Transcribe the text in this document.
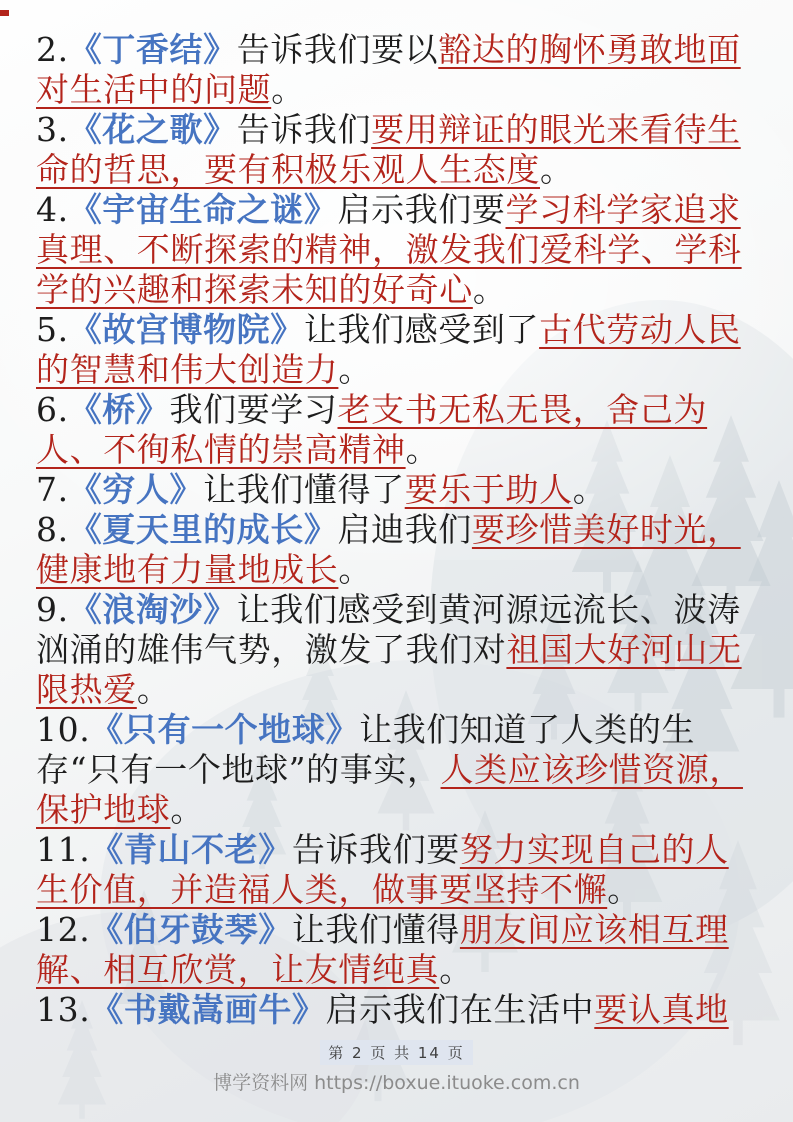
2.《丁香结》告诉我们要以豁达的胸怀勇敢地面对生活中的问题。
3.《花之歌》告诉我们要用辩证的眼光来看待生命的哲思，要有积极乐观人生态度。
4.《宇宙生命之谜》启示我们要学习科学家追求真理、不断探索的精神，激发我们爱科学、学科学的兴趣和探索未知的好奇心。
5.《故宫博物院》让我们感受到了古代劳动人民的智慧和伟大创造力。
6.《桥》我们要学习老支书无私无畏，舍己为人、不徇私情的崇高精神。
7.《穷人》让我们懂得了要乐于助人。
8.《夏天里的成长》启迪我们要珍惜美好时光，健康地有力量地成长。
9.《浪淘沙》让我们感受到黄河源远流长、波涛汹涌的雄伟气势，激发了我们对祖国大好河山无限热爱。
10.《只有一个地球》让我们知道了人类的生存“只有一个地球”的事实，人类应该珍惜资源，保护地球。
11.《青山不老》告诉我们要努力实现自己的人生价值，并造福人类，做事要坚持不懈。
12.《伯牙鼓琴》让我们懂得朋友间应该相互理解、相互欣赏，让友情纯真。
13.《书戴嵩画牛》启示我们在生活中要认真地
第 2 页 共 14 页
博学资料网 https://boxue.ituoke.com.cn
